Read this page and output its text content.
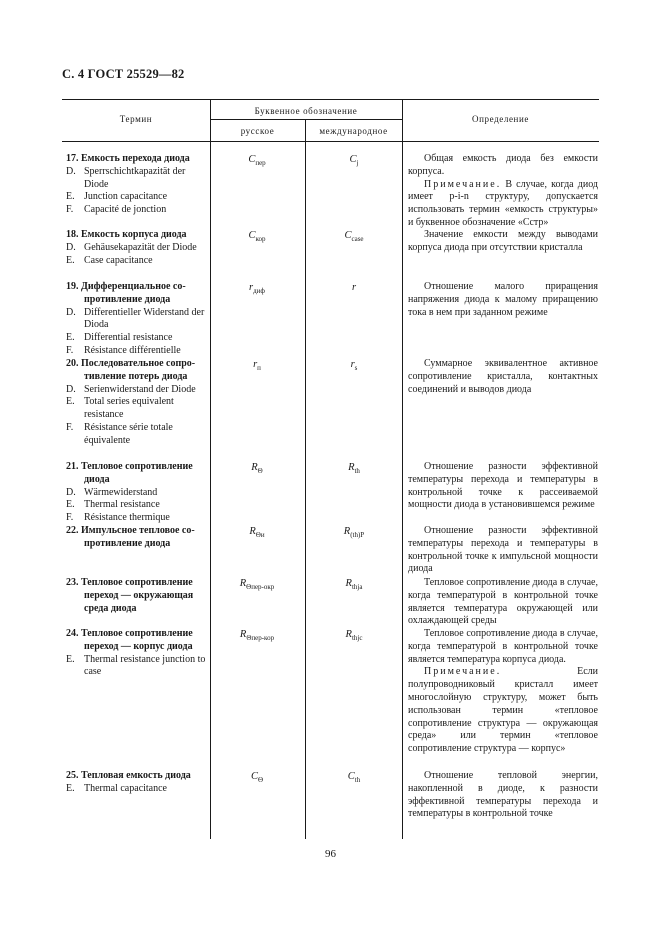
С. 4 ГОСТ 25529—82
Термин
Буквенное обозначение
русское	международное
Определение
17. Емкость перехода диода
D. Sperrschichtkapazität der Diode
E. Junction capacitance
F. Capacité de jonction
$C_{пер}$	$C_j$	Общая емкость диода без емкости корпуса.

Примечание. В случае, когда диод имеет p-i-n структуру, допускается использовать термин «емкость структуры» и буквенное обозначение «Cстр»

18. Емкость корпуса диода
D. Gehäusekapazität der Diode
E. Case capacitance
$C_{кор}$	$C_{case}$	Значение емкости между выводами корпуса диода при отсутствии кристалла

19. Дифференциальное со-
противление диода
D. Differentieller Widerstand der Dioda
E. Differential resistance
F. Résistance différentielle
$r_{диф}$	r	Отношение малого приращения напряжения диода к малому приращению тока в нем при заданном режиме

20. Последовательное сопро-
тивление потерь диода
D. Serienwiderstand der Diode
E. Total series equivalent resistance
F. Résistance série totale équivalente
$r_п$	$r_s$	Суммарное эквивалентное активное сопротивление кристалла, контактных соединений и выводов диода

21. Тепловое сопротивление
диода
D. Wärmewiderstand
E. Thermal resistance
F. Résistance thermique
$R_\Theta$	$R_{th}$	Отношение разности эффективной температуры перехода и температуры в контрольной точке к рассеиваемой мощности диода в установившемся режиме

22. Импульсное тепловое со-
противление диода
$R_{\Theta и}$	$R_{(th)P}$	Отношение разности эффективной температуры перехода и температуры в контрольной точке к импульсной мощности диода

23. Тепловое сопротивление
переход — окружающая
среда диода
$R_{\Theta пер-окр}$	$R_{thja}$	Тепловое сопротивление диода в случае, когда температурой в контрольной точке является температура окружающей или охлаждающей среды

24. Тепловое сопротивление
переход — корпус диода
E. Thermal resistance junction to case
$R_{\Theta пер-кор}$	$R_{thjc}$	Тепловое сопротивление диода в случае, когда температурой в контрольной точке является температура корпуса диода.

Примечание.	Если полупроводниковый кристалл имеет многослойную структуру, может быть использован термин «тепловое сопротивление структура — окружающая среда» или термин «тепловое сопротивление структура — корпус»

25. Тепловая емкость диода
E. Thermal capacitance
$C_\Theta$	$C_{th}$	Отношение тепловой энергии, накопленной в диоде, к разности эффективной температуры перехода и температуры в контрольной точке

96
